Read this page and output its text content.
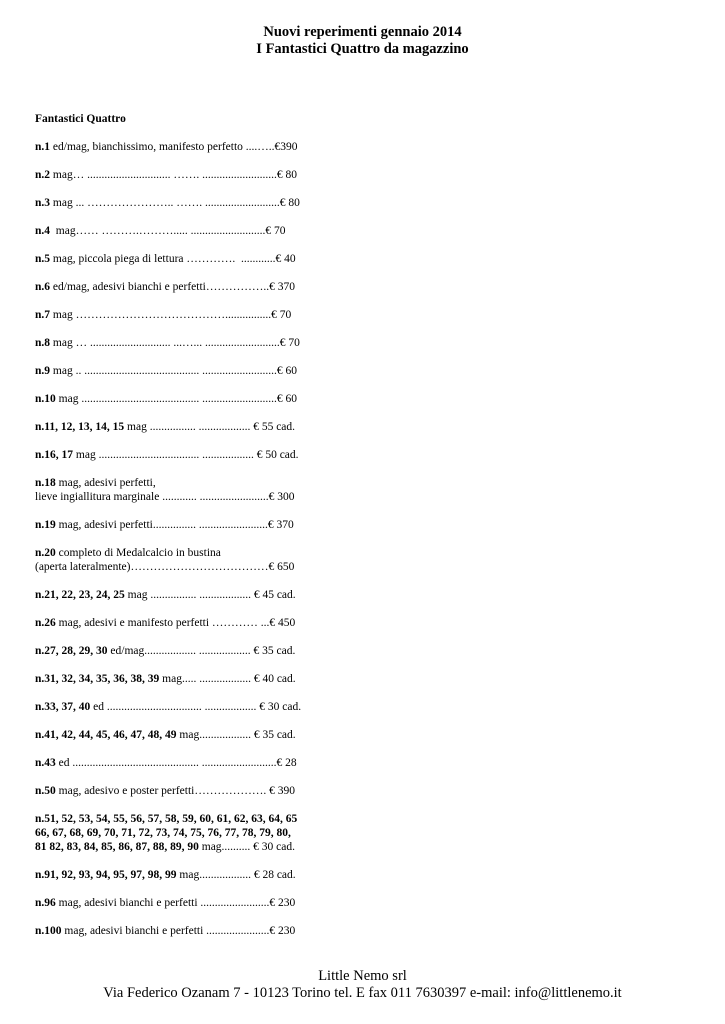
Nuovi reperimenti gennaio 2014
I Fantastici Quattro da magazzino
Fantastici Quattro
n.1 ed/mag, bianchissimo, manifesto perfetto ....…..€390
n.2 mag… ............................. ……. ..........................€ 80
n.3 mag ... ………………….. ……. ..........................€ 80
n.4  mag…… ……….………..... ..........................€ 70
n.5 mag, piccola piega di lettura ………….  ............€ 40
n.6 ed/mag, adesivi bianchi e perfetti……………..€ 370
n.7 mag …………………………………................€ 70
n.8 mag … ............................ ...…... ..........................€ 70
n.9 mag .. ........................................ ..........................€ 60
n.10 mag ......................................... ..........................€ 60
n.11, 12, 13, 14, 15 mag ................ .................. € 55 cad.
n.16, 17 mag ................................... .................. € 50 cad.
n.18 mag, adesivi perfetti,
lieve ingiallitura marginale ............ ........................€ 300
n.19 mag, adesivi perfetti............... ........................€ 370
n.20 completo di Medalcalcio in bustina
(aperta lateralmente)………………………………€ 650
n.21, 22, 23, 24, 25 mag ................ .................. € 45 cad.
n.26 mag, adesivi e manifesto perfetti ………… ...€ 450
n.27, 28, 29, 30 ed/mag.................. .................. € 35 cad.
n.31, 32, 34, 35, 36, 38, 39 mag..... .................. € 40 cad.
n.33, 37, 40 ed ................................. .................. € 30 cad.
n.41, 42, 44, 45, 46, 47, 48, 49 mag.................. € 35 cad.
n.43 ed ............................................ ..........................€ 28
n.50 mag, adesivo e poster perfetti………………. € 390
n.51, 52, 53, 54, 55, 56, 57, 58, 59, 60, 61, 62, 63, 64, 65
66, 67, 68, 69, 70, 71, 72, 73, 74, 75, 76, 77, 78, 79, 80,
81 82, 83, 84, 85, 86, 87, 88, 89, 90 mag.......... € 30 cad.
n.91, 92, 93, 94, 95, 97, 98, 99 mag.................. € 28 cad.
n.96 mag, adesivi bianchi e perfetti ........................€ 230
n.100 mag, adesivi bianchi e perfetti ......................€ 230
Little Nemo srl
Via Federico Ozanam 7 - 10123 Torino tel. E fax 011 7630397 e-mail: info@littlenemo.it
